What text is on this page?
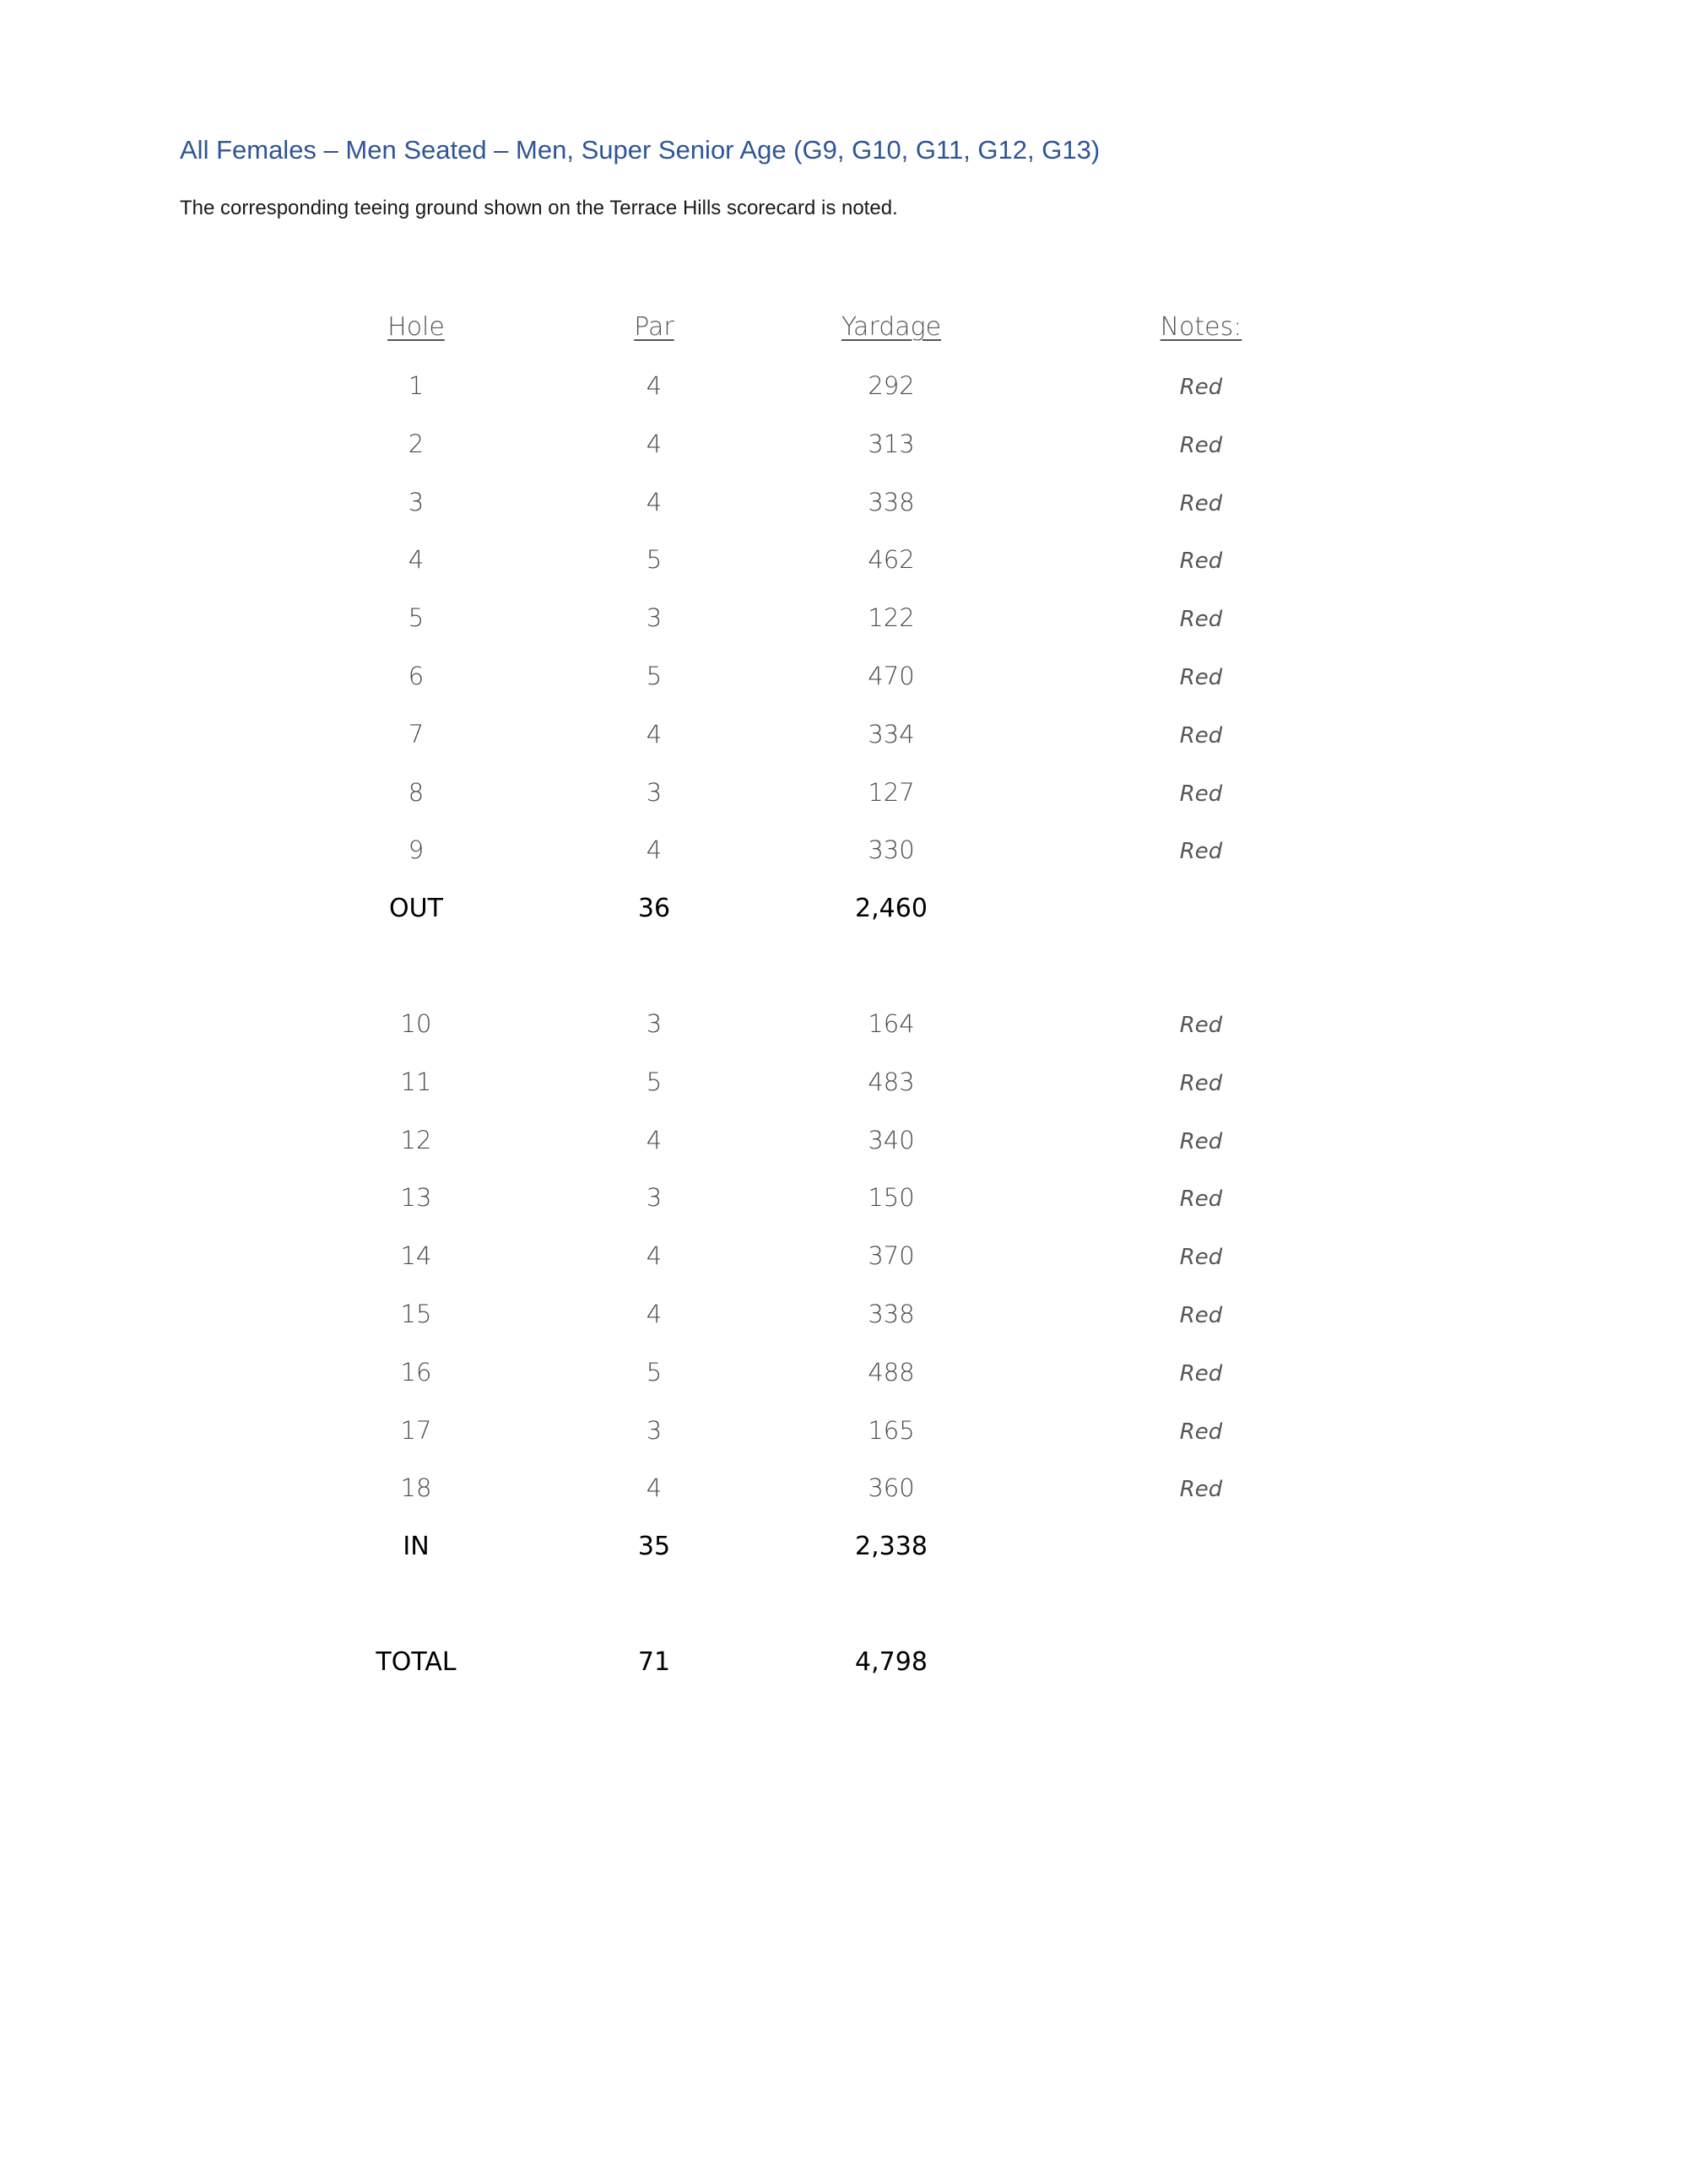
All Females – Men Seated – Men, Super Senior Age (G9, G10, G11, G12, G13)
The corresponding teeing ground shown on the Terrace Hills scorecard is noted.
Hole	Par	Yardage	Notes:
1	4	292	Red
2	4	313	Red
3	4	338	Red
4	5	462	Red
5	3	122	Red
6	5	470	Red
7	4	334	Red
8	3	127	Red
9	4	330	Red
OUT	36	2,460
10	3	164	Red
11	5	483	Red
12	4	340	Red
13	3	150	Red
14	4	370	Red
15	4	338	Red
16	5	488	Red
17	3	165	Red
18	4	360	Red
IN	35	2,338
TOTAL	71	4,798
